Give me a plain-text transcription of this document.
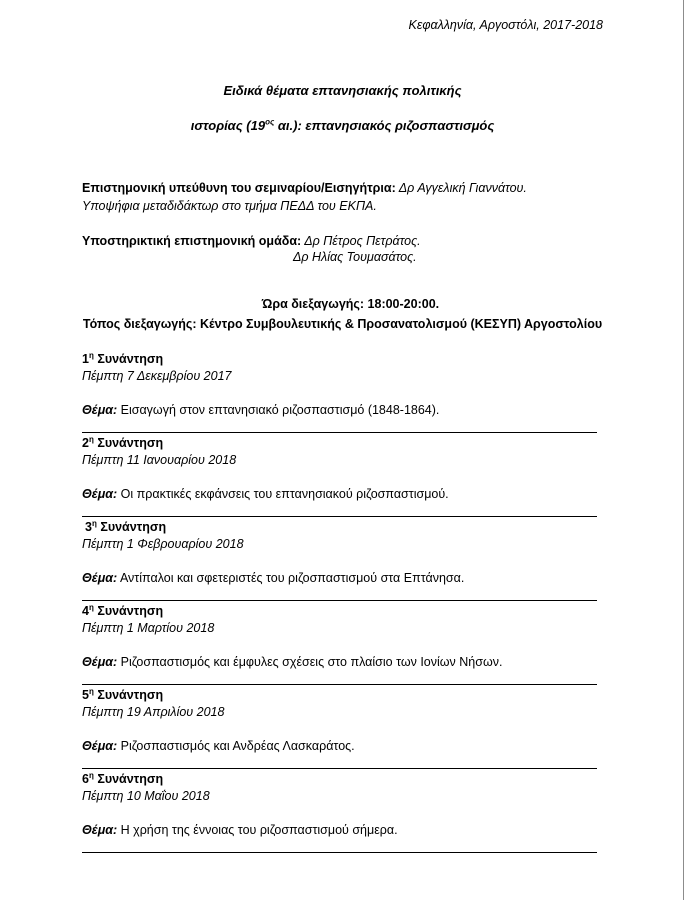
Κεφαλληνία, Αργοστόλι, 2017-2018
Ειδικά θέματα επτανησιακής πολιτικής
ιστορίας ($19^{o\varsigma}$ αι.): επτανησιακός ριζοσπαστισμός
Επιστημονική υπεύθυνη του σεμιναρίου/Εισηγήτρια: Δρ Αγγελική Γιαννάτου.
Υποψήφια μεταδιδάκτωρ στο τμήμα ΠΕΔΔ του ΕΚΠΑ.
Υποστηρικτική επιστημονική ομάδα: Δρ Πέτρος Πετράτος.
Δρ Ηλίας Τουμασάτος.
Ώρα διεξαγωγής: 18:00-20:00.
Τόπος διεξαγωγής: Κέντρο Συμβουλευτικής & Προσανατολισμού (ΚΕΣΥΠ) Αργοστολίου
$1^\eta$ Συνάντηση
Πέμπτη 7 Δεκεμβρίου 2017
Θέμα: Εισαγωγή στον επτανησιακό ριζοσπαστισμό (1848-1864).
$2^\eta$ Συνάντηση
Πέμπτη 11 Ιανουαρίου 2018
Θέμα: Οι πρακτικές εκφάνσεις του επτανησιακού ριζοσπαστισμού.
$3^\eta$ Συνάντηση
Πέμπτη 1 Φεβρουαρίου 2018
Θέμα: Αντίπαλοι και σφετεριστές του ριζοσπαστισμού στα Επτάνησα.
$4^\eta$ Συνάντηση
Πέμπτη 1 Μαρτίου 2018
Θέμα: Ριζοσπαστισμός και έμφυλες σχέσεις στο πλαίσιο των Ιονίων Νήσων.
$5^\eta$ Συνάντηση
Πέμπτη 19 Απριλίου 2018
Θέμα: Ριζοσπαστισμός και Ανδρέας Λασκαράτος.
$6^\eta$ Συνάντηση
Πέμπτη 10 Μαΐου 2018
Θέμα: Η χρήση της έννοιας του ριζοσπαστισμού σήμερα.
